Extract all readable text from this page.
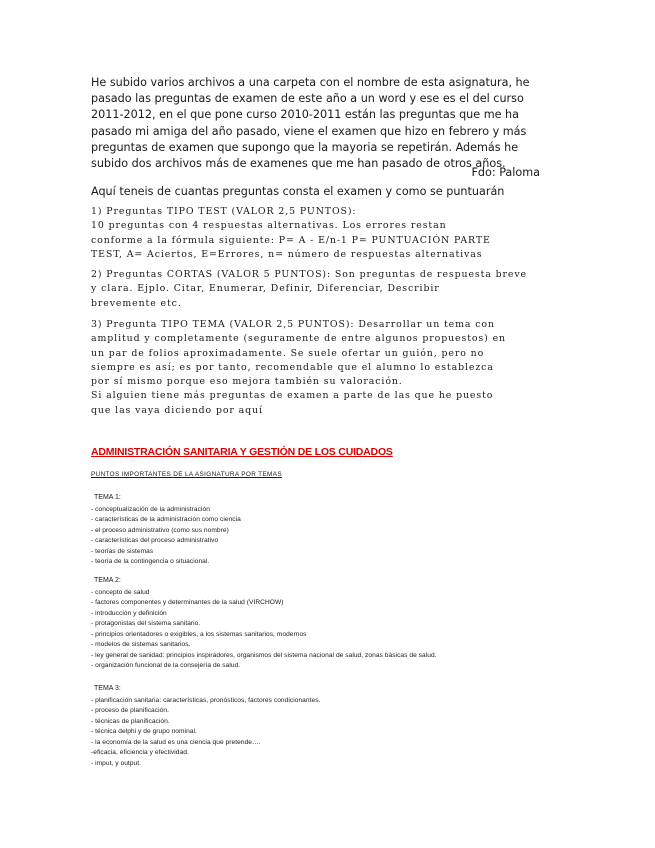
He subido varios archivos a una carpeta con el nombre de esta asignatura, he pasado las preguntas de examen de este año a un word y ese es el del curso 2011-2012, en el que pone curso 2010-2011 están las preguntas que me ha pasado mi amiga del año pasado, viene el examen que hizo en febrero y más preguntas de examen que supongo que la mayoria se repetirán. Además he subido dos archivos más de examenes que me han pasado de otros años.

Fdo: Paloma
Aquí teneis de cuantas preguntas consta el examen y como se puntuarán
1) Preguntas TIPO TEST (VALOR 2,5 PUNTOS):
10 preguntas con 4 respuestas alternativas. Los errores restan
conforme a la fórmula siguiente: P= A - E/n-1 P= PUNTUACIÓN PARTE
TEST, A= Aciertos, E=Errores, n= número de respuestas alternativas
2) Preguntas CORTAS (VALOR 5 PUNTOS): Son preguntas de respuesta breve
y clara. Ejplo. Citar, Enumerar, Definir, Diferenciar, Describir
brevemente etc.
3) Pregunta TIPO TEMA (VALOR 2,5 PUNTOS): Desarrollar un tema con
amplitud y completamente (seguramente de entre algunos propuestos) en
un par de folios aproximadamente. Se suele ofertar un guión, pero no
siempre es así; es por tanto, recomendable que el alumno lo establezca
por sí mismo porque eso mejora también su valoración.
Si alguien tiene más preguntas de examen a parte de las que he puesto
que las vaya diciendo por aquí
ADMINISTRACIÓN SANITARIA Y GESTIÓN DE LOS CUIDADOS
PUNTOS IMPORTANTES DE LA ASIGNATURA POR TEMAS
TEMA 1:
- conceptualización de la administración
- características de la administración como ciencia
- el proceso administrativo (como sus nombre)
- características del proceso administrativo
- teorías de sistemas
- teoría de la contingencia o situacional.
TEMA 2:
- concepto de salud
- factores componentes y determinantes de la salud (VIRCHOW)
- introducción y definición
- protagonistas del sistema sanitario.
- principios orientadores o exigibles, a los sistemas sanitarios, modernos
- modelos de sistemas sanitarios.
- ley general de sanidad: principios inspiradores, organismos del sistema nacional de salud, zonas básicas de salud.
- organización funcional de la consejería de salud.
TEMA 3:
- planificación sanitaria: características, pronósticos, factores condicionantes.
- proceso de planificación.
- técnicas de planificación.
- técnica delphi y de grupo nominal.
- la economía de la salud es una ciencia que pretende….
-eficacia, eficiencia y efectividad.
- imput, y output.
